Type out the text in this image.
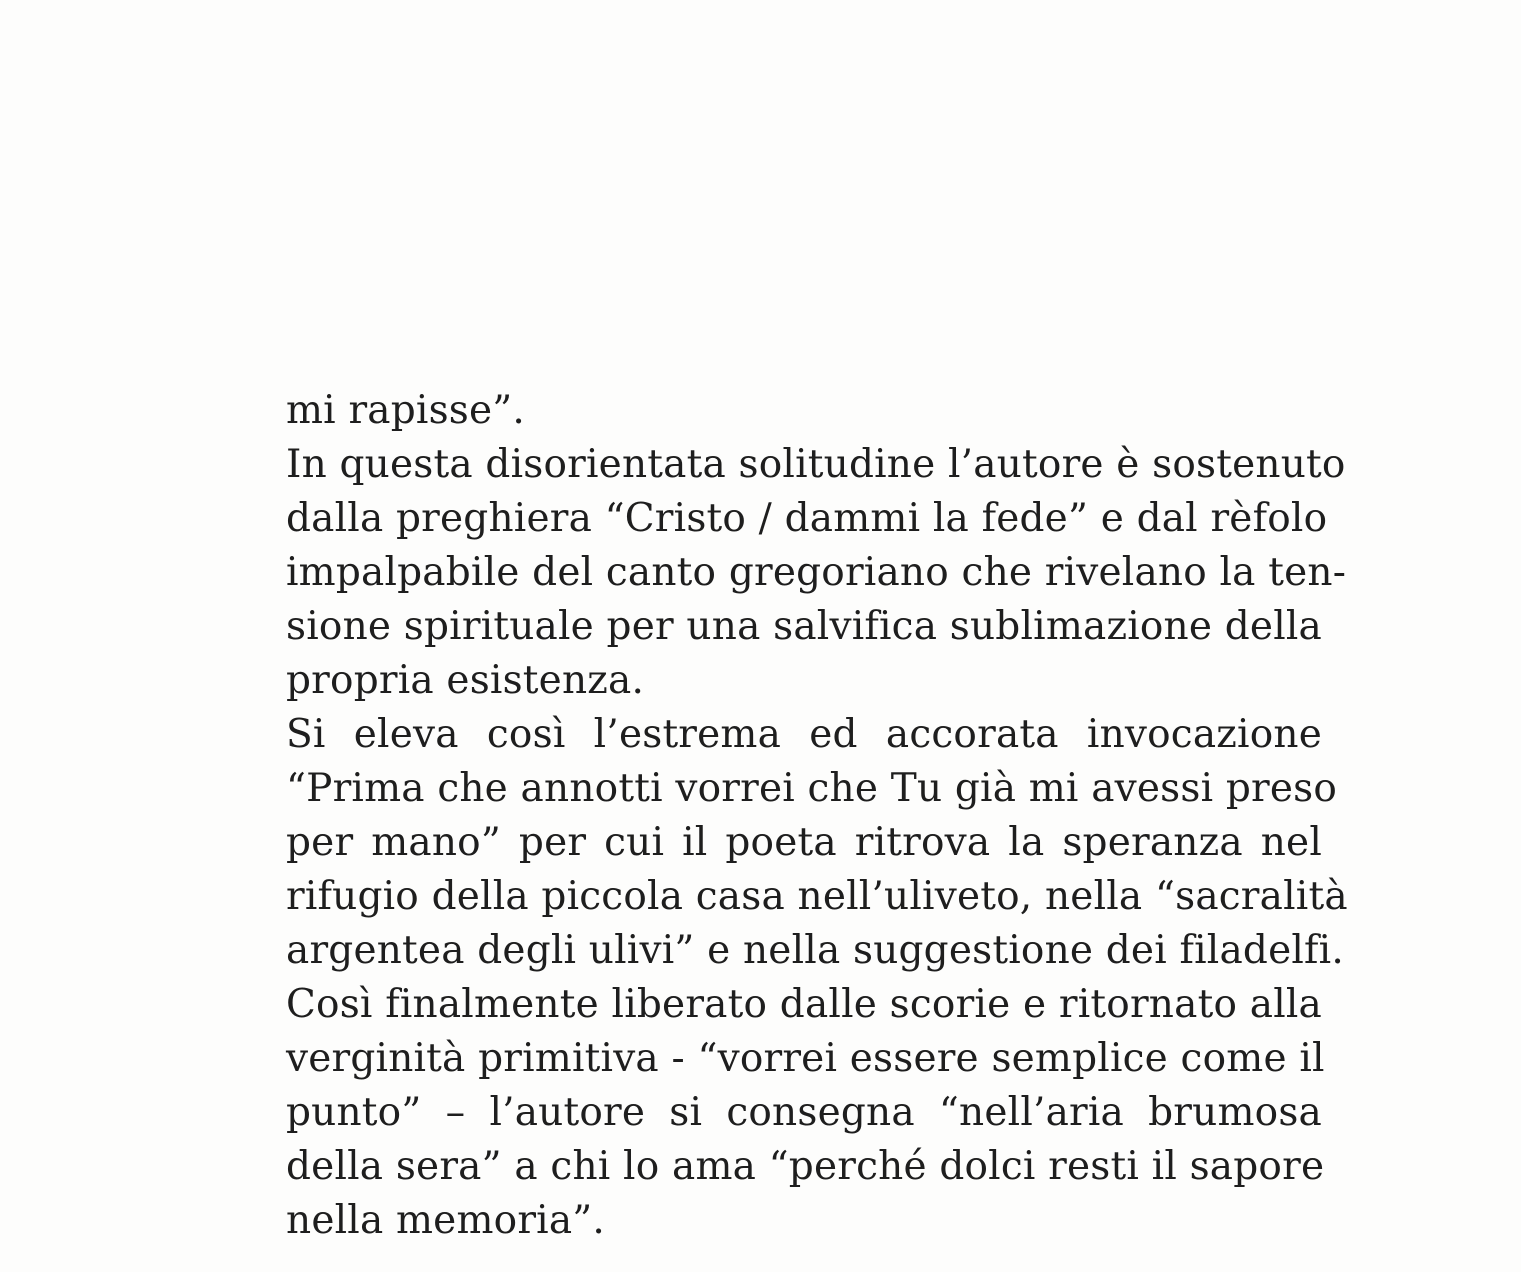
mi rapisse”.
In questa disorientata solitudine l’autore è sostenuto
dalla preghiera “Cristo / dammi la fede” e dal rèfolo
impalpabile del canto gregoriano che rivelano la ten-
sione spirituale per una salvifica sublimazione della
propria esistenza.
Si eleva così l’estrema ed accorata invocazione
“Prima che annotti vorrei che Tu già mi avessi preso
per mano” per cui il poeta ritrova la speranza nel
rifugio della piccola casa nell’uliveto, nella “sacralità
argentea degli ulivi” e nella suggestione dei filadelfi.
Così finalmente liberato dalle scorie e ritornato alla
verginità primitiva - “vorrei essere semplice come il
punto” – l’autore si consegna “nell’aria brumosa
della sera” a chi lo ama “perché dolci resti il sapore
nella memoria”.
